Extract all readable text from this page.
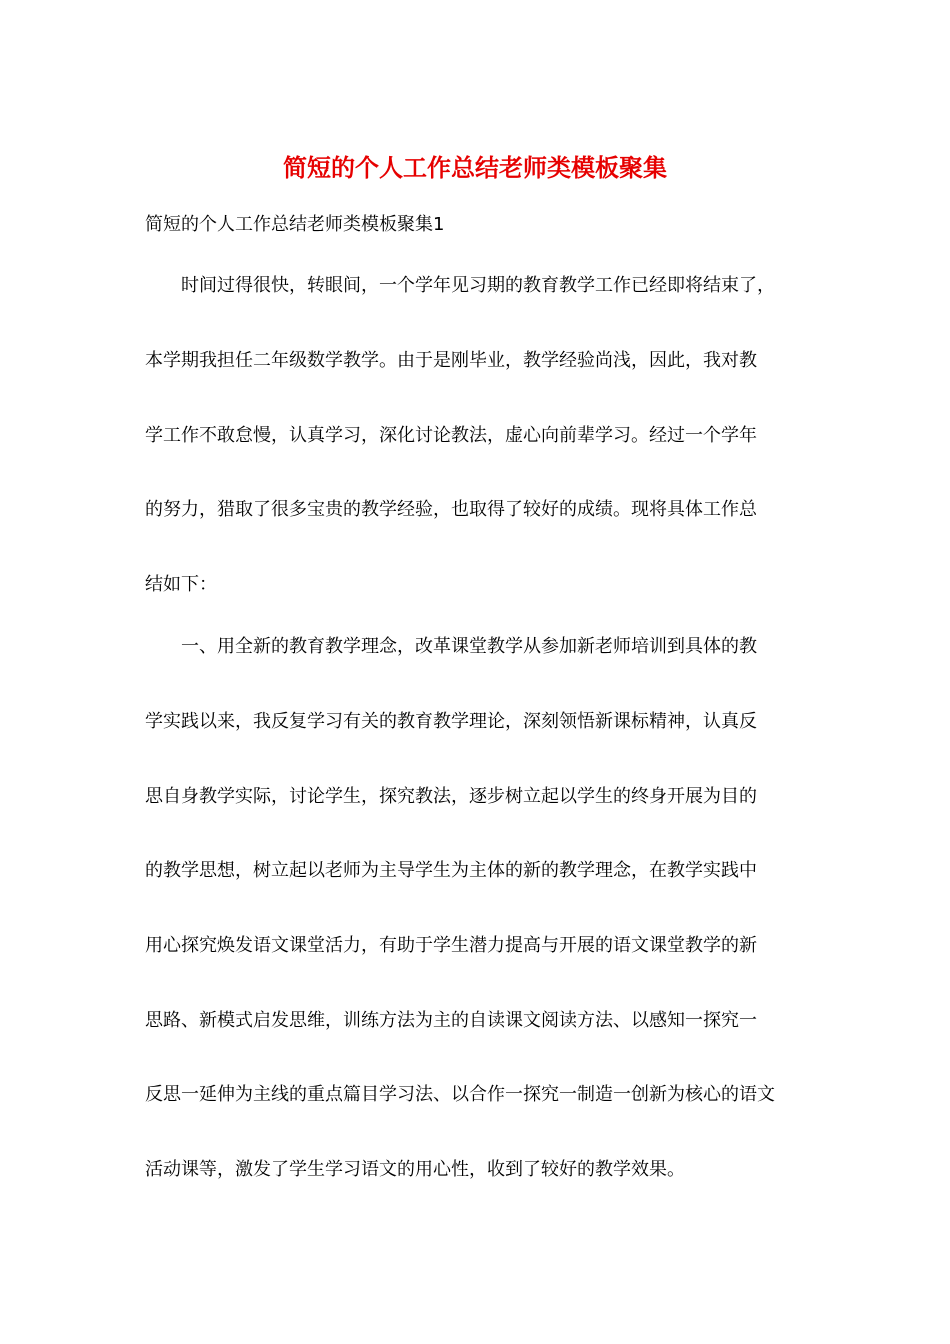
简短的个人工作总结老师类模板聚集

简短的个人工作总结老师类模板聚集1

时间过得很快，转眼间，一个学年见习期的教育教学工作已经即将结束了，

本学期我担任二年级数学教学。由于是刚毕业，教学经验尚浅，因此，我对教

学工作不敢怠慢，认真学习，深化讨论教法，虚心向前辈学习。经过一个学年

的努力，猎取了很多宝贵的教学经验，也取得了较好的成绩。现将具体工作总

结如下：

一、用全新的教育教学理念，改革课堂教学从参加新老师培训到具体的教

学实践以来，我反复学习有关的教育教学理论，深刻领悟新课标精神，认真反

思自身教学实际，讨论学生，探究教法，逐步树立起以学生的终身开展为目的

的教学思想，树立起以老师为主导学生为主体的新的教学理念，在教学实践中

用心探究焕发语文课堂活力，有助于学生潜力提高与开展的语文课堂教学的新

思路、新模式启发思维，训练方法为主的自读课文阅读方法、以感知一探究一

反思一延伸为主线的重点篇目学习法、以合作一探究一制造一创新为核心的语文

活动课等，激发了学生学习语文的用心性，收到了较好的教学效果。
